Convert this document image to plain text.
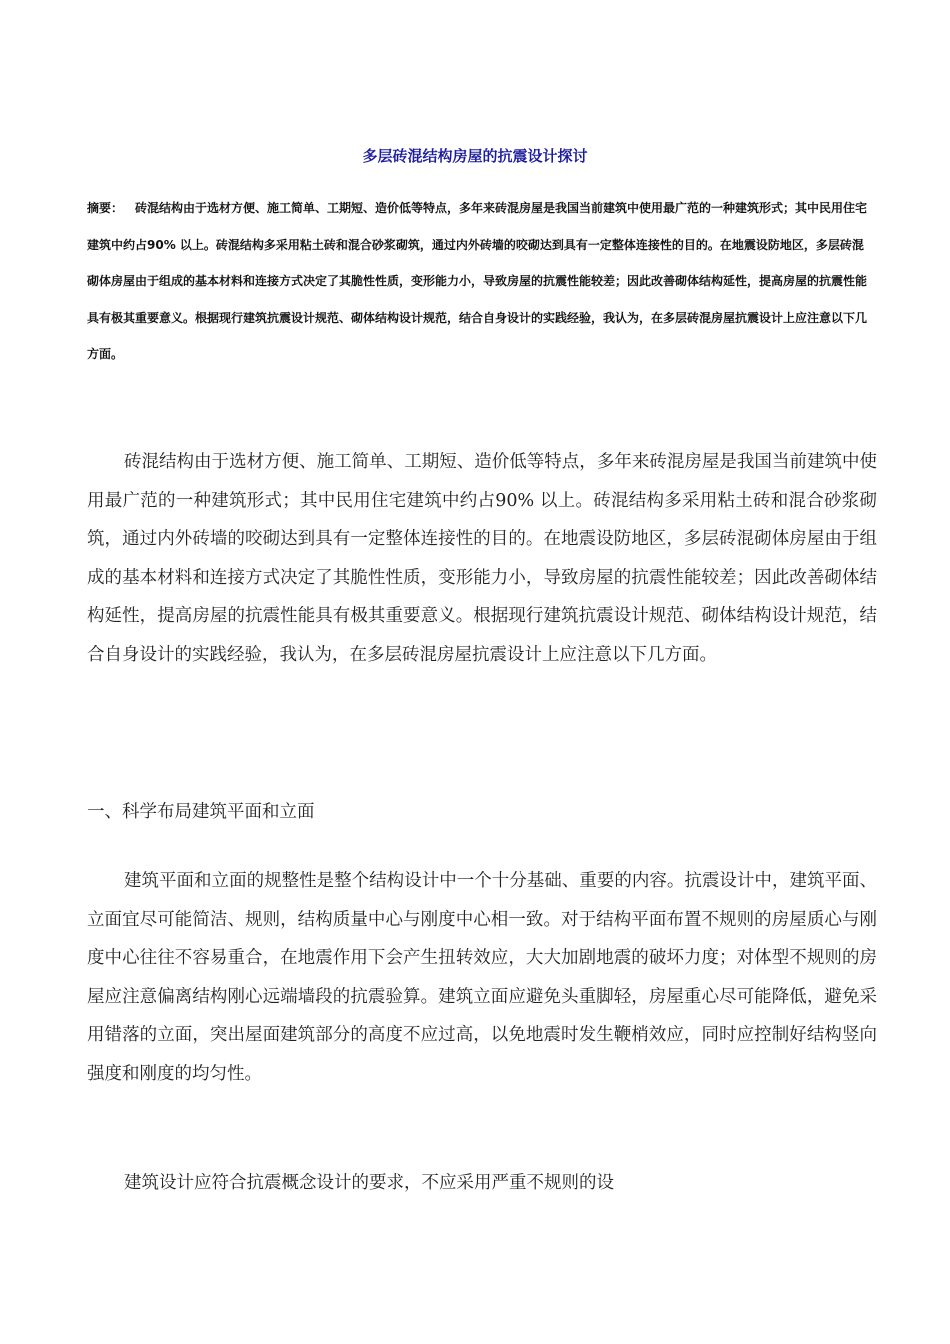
多层砖混结构房屋的抗震设计探讨

摘要： 砖混结构由于选材方便、施工简单、工期短、造价低等特点，多年来砖混房屋是我国当前建筑中使用最广范的一种建筑形式；其中民用住宅建筑中约占90% 以上。砖混结构多采用粘土砖和混合砂浆砌筑，通过内外砖墙的咬砌达到具有一定整体连接性的目的。在地震设防地区，多层砖混砌体房屋由于组成的基本材料和连接方式决定了其脆性性质，变形能力小，导致房屋的抗震性能较差；因此改善砌体结构延性，提高房屋的抗震性能具有极其重要意义。根据现行建筑抗震设计规范、砌体结构设计规范，结合自身设计的实践经验，我认为，在多层砖混房屋抗震设计上应注意以下几方面。

砖混结构由于选材方便、施工简单、工期短、造价低等特点，多年来砖混房屋是我国当前建筑中使用最广范的一种建筑形式；其中民用住宅建筑中约占90% 以上。砖混结构多采用粘土砖和混合砂浆砌筑，通过内外砖墙的咬砌达到具有一定整体连接性的目的。在地震设防地区，多层砖混砌体房屋由于组成的基本材料和连接方式决定了其脆性性质，变形能力小，导致房屋的抗震性能较差；因此改善砌体结构延性，提高房屋的抗震性能具有极其重要意义。根据现行建筑抗震设计规范、砌体结构设计规范，结合自身设计的实践经验，我认为，在多层砖混房屋抗震设计上应注意以下几方面。

一、科学布局建筑平面和立面

建筑平面和立面的规整性是整个结构设计中一个十分基础、重要的内容。抗震设计中，建筑平面、立面宜尽可能简洁、规则，结构质量中心与刚度中心相一致。对于结构平面布置不规则的房屋质心与刚度中心往往不容易重合，在地震作用下会产生扭转效应，大大加剧地震的破坏力度；对体型不规则的房屋应注意偏离结构刚心远端墙段的抗震验算。建筑立面应避免头重脚轻，房屋重心尽可能降低，避免采用错落的立面，突出屋面建筑部分的高度不应过高，以免地震时发生鞭梢效应，同时应控制好结构竖向强度和刚度的均匀性。

建筑设计应符合抗震概念设计的要求，不应采用严重不规则的设
